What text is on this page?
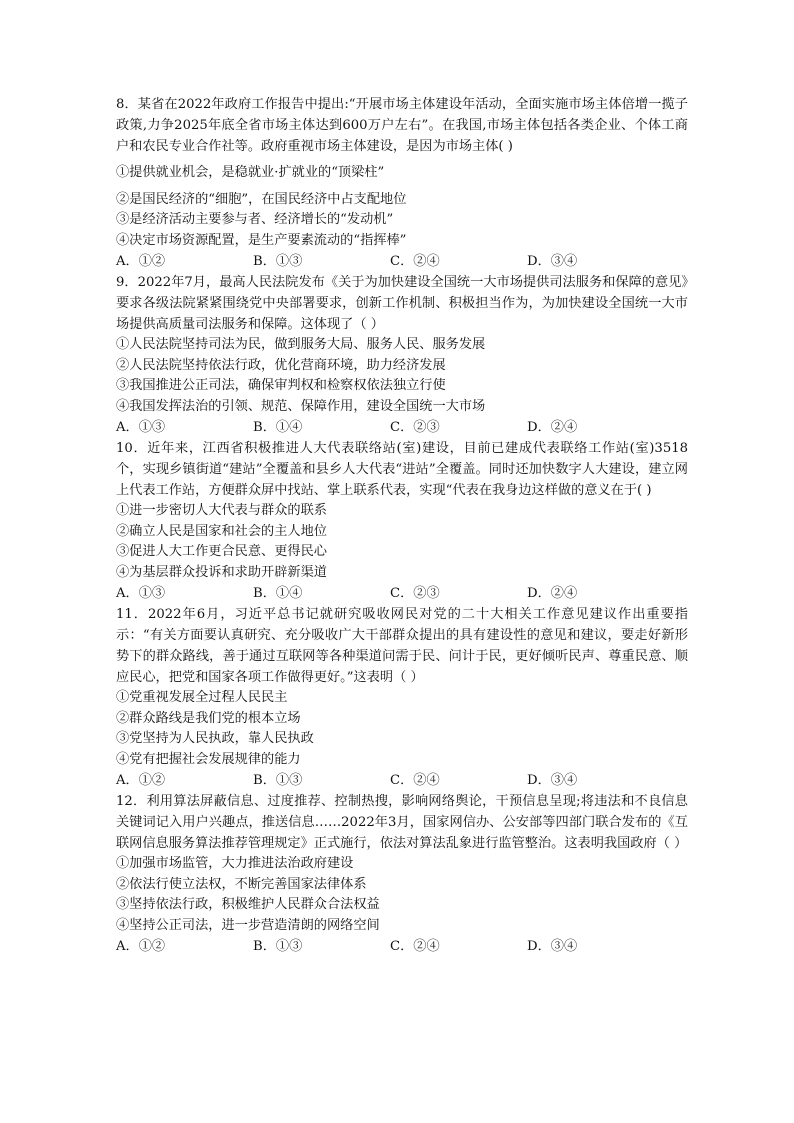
8．某省在2022年政府工作报告中提出:“开展市场主体建设年活动，全面实施市场主体倍增一揽子政策,力争2025年底全省市场主体达到600万户左右”。在我国,市场主体包括各类企业、个体工商户和农民专业合作社等。政府重视市场主体建设，是因为市场主体( )

①提供就业机会，是稳就业·扩就业的“顶梁柱”

②是国民经济的“细胞”，在国民经济中占支配地位

③是经济活动主要参与者、经济增长的“发动机”

④决定市场资源配置，是生产要素流动的“指挥棒”

A．①②	B．①③	C．②④	D．③④

9．2022年7月，最高人民法院发布《关于为加快建设全国统一大市场提供司法服务和保障的意见》要求各级法院紧紧围绕党中央部署要求，创新工作机制、积极担当作为，为加快建设全国统一大市场提供高质量司法服务和保障。这体现了（ ）

①人民法院坚持司法为民，做到服务大局、服务人民、服务发展

②人民法院坚持依法行政，优化营商环境，助力经济发展

③我国推进公正司法，确保审判权和检察权依法独立行使

④我国发挥法治的引领、规范、保障作用，建设全国统一大市场

A．①③	B．①④	C．②③	D．②④

10．近年来，江西省积极推进人大代表联络站(室)建设，目前已建成代表联络工作站(室)3518个，实现乡镇街道“建站”全覆盖和县乡人大代表“进站”全覆盖。同时还加快数字人大建设，建立网上代表工作站，方便群众屏中找站、掌上联系代表，实现“代表在我身边这样做的意义在于( )

①进一步密切人大代表与群众的联系

②确立人民是国家和社会的主人地位

③促进人大工作更合民意、更得民心

④为基层群众投诉和求助开辟新渠道

A．①③	B．①④	C．②③	D．②④

11．2022年6月，习近平总书记就研究吸收网民对党的二十大相关工作意见建议作出重要指示：“有关方面要认真研究、充分吸收广大干部群众提出的具有建设性的意见和建议，要走好新形势下的群众路线，善于通过互联网等各种渠道问需于民、问计于民，更好倾听民声、尊重民意、顺应民心，把党和国家各项工作做得更好。”这表明（ ）

①党重视发展全过程人民民主

②群众路线是我们党的根本立场

③党坚持为人民执政，靠人民执政

④党有把握社会发展规律的能力

A．①②	B．①③	C．②④	D．③④

12．利用算法屏蔽信息、过度推荐、控制热搜，影响网络舆论，干预信息呈现;将违法和不良信息关键词记入用户兴趣点，推送信息……2022年3月，国家网信办、公安部等四部门联合发布的《互联网信息服务算法推荐管理规定》正式施行，依法对算法乱象进行监管整治。这表明我国政府（ ）

①加强市场监管，大力推进法治政府建设

②依法行使立法权，不断完善国家法律体系

③坚持依法行政，积极维护人民群众合法权益

④坚持公正司法，进一步营造清朗的网络空间

A．①②	B．①③	C．②④	D．③④
